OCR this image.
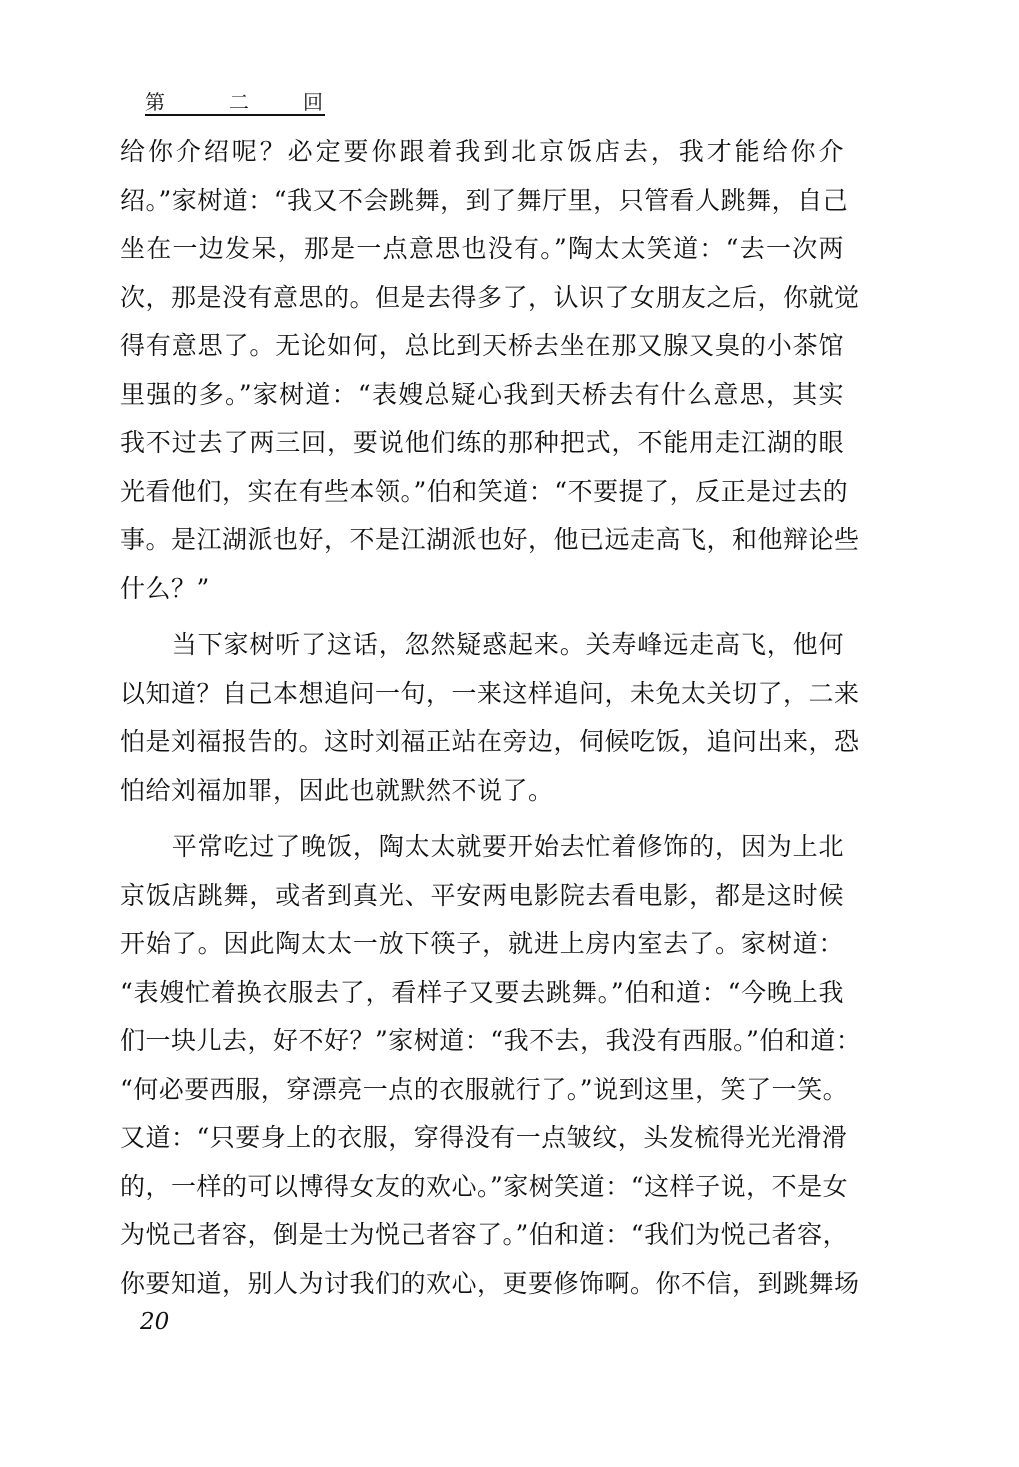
第	二	回
给你介绍呢？必定要你跟着我到北京饭店去，我才能给你介
绍。”家树道：“我又不会跳舞，到了舞厅里，只管看人跳舞，自己
坐在一边发呆，那是一点意思也没有。”陶太太笑道：“去一次两
次，那是没有意思的。但是去得多了，认识了女朋友之后，你就觉
得有意思了。无论如何，总比到天桥去坐在那又腺又臭的小茶馆
里强的多。”家树道：“表嫂总疑心我到天桥去有什么意思，其实
我不过去了两三回，要说他们练的那种把式，不能用走江湖的眼
光看他们，实在有些本领。”伯和笑道：“不要提了，反正是过去的
事。是江湖派也好，不是江湖派也好，他已远走高飞，和他辩论些
什么？”
　　当下家树听了这话，忽然疑惑起来。关寿峰远走高飞，他何
以知道？自己本想追问一句，一来这样追问，未免太关切了，二来
怕是刘福报告的。这时刘福正站在旁边，伺候吃饭，追问出来，恐
怕给刘福加罪，因此也就默然不说了。
　　平常吃过了晚饭，陶太太就要开始去忙着修饰的，因为上北
京饭店跳舞，或者到真光、平安两电影院去看电影，都是这时候
开始了。因此陶太太一放下筷子，就进上房内室去了。家树道：
“表嫂忙着换衣服去了，看样子又要去跳舞。”伯和道：“今晚上我
们一块儿去，好不好？”家树道：“我不去，我没有西服。”伯和道：
“何必要西服，穿漂亮一点的衣服就行了。”说到这里，笑了一笑。
又道：“只要身上的衣服，穿得没有一点皱纹，头发梳得光光滑滑
的，一样的可以博得女友的欢心。”家树笑道：“这样子说，不是女
为悦己者容，倒是士为悦己者容了。”伯和道：“我们为悦己者容，
你要知道，别人为讨我们的欢心，更要修饰啊。你不信，到跳舞场
20
